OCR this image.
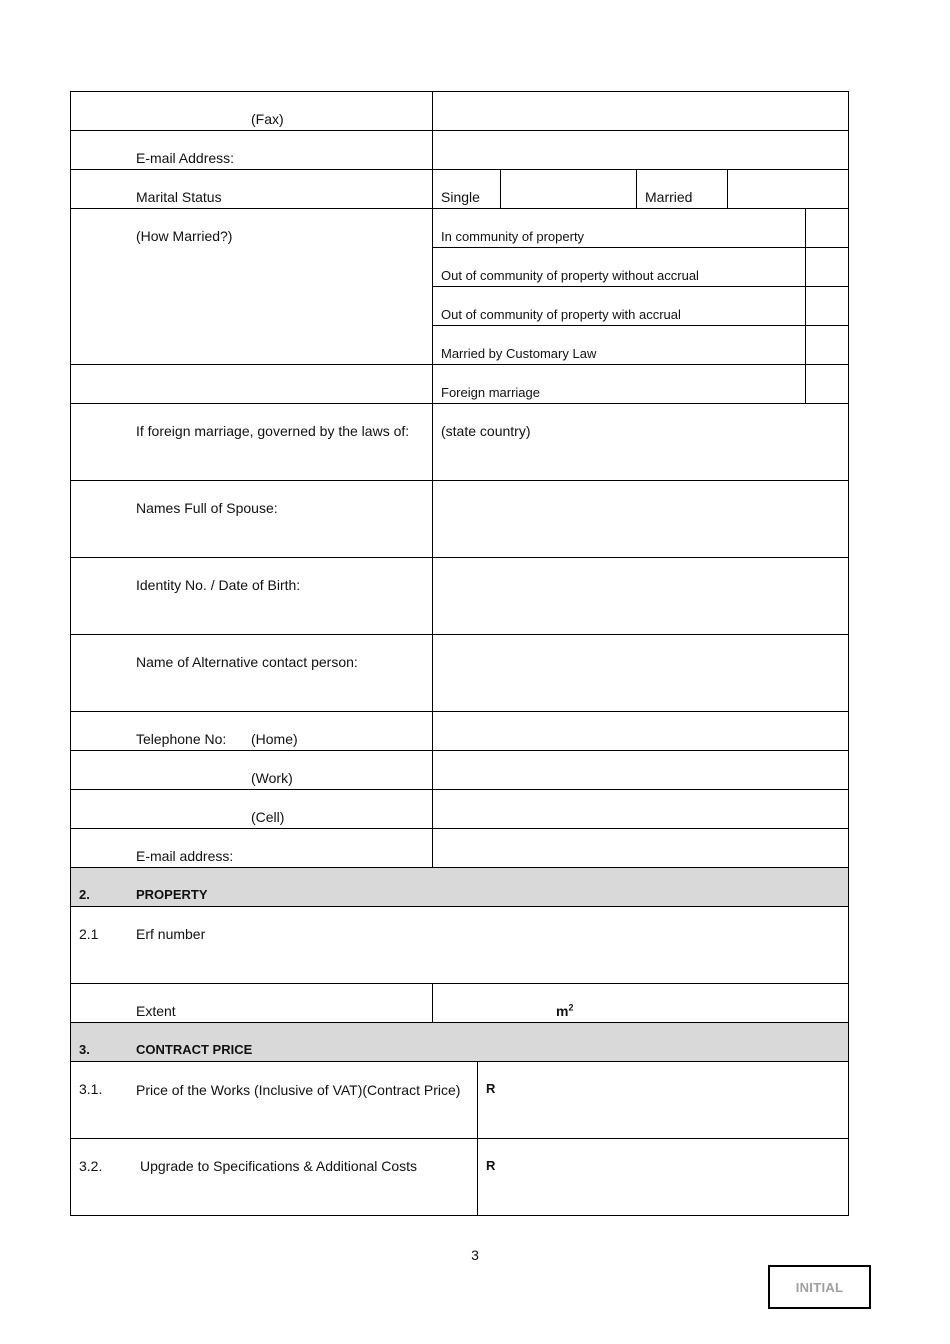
(Fax)
E-mail Address:
Marital Status	Single	Married
(How Married?)	In community of property
Out of community of property without accrual
Out of community of property with accrual
Married by Customary Law
Foreign marriage
If foreign marriage, governed by the laws of: (state country)
Names Full of Spouse:
Identity No. / Date of Birth:
Name of Alternative contact person:
Telephone No: (Home)
(Work)
(Cell)
E-mail address:
2.	PROPERTY
2.1	Erf number
Extent	$m^2$
3.	CONTRACT PRICE
3.1. Price of the Works (Inclusive of VAT)(Contract Price)	R
3.2.	Upgrade to Specifications & Additional Costs	R
3
INITIAL
